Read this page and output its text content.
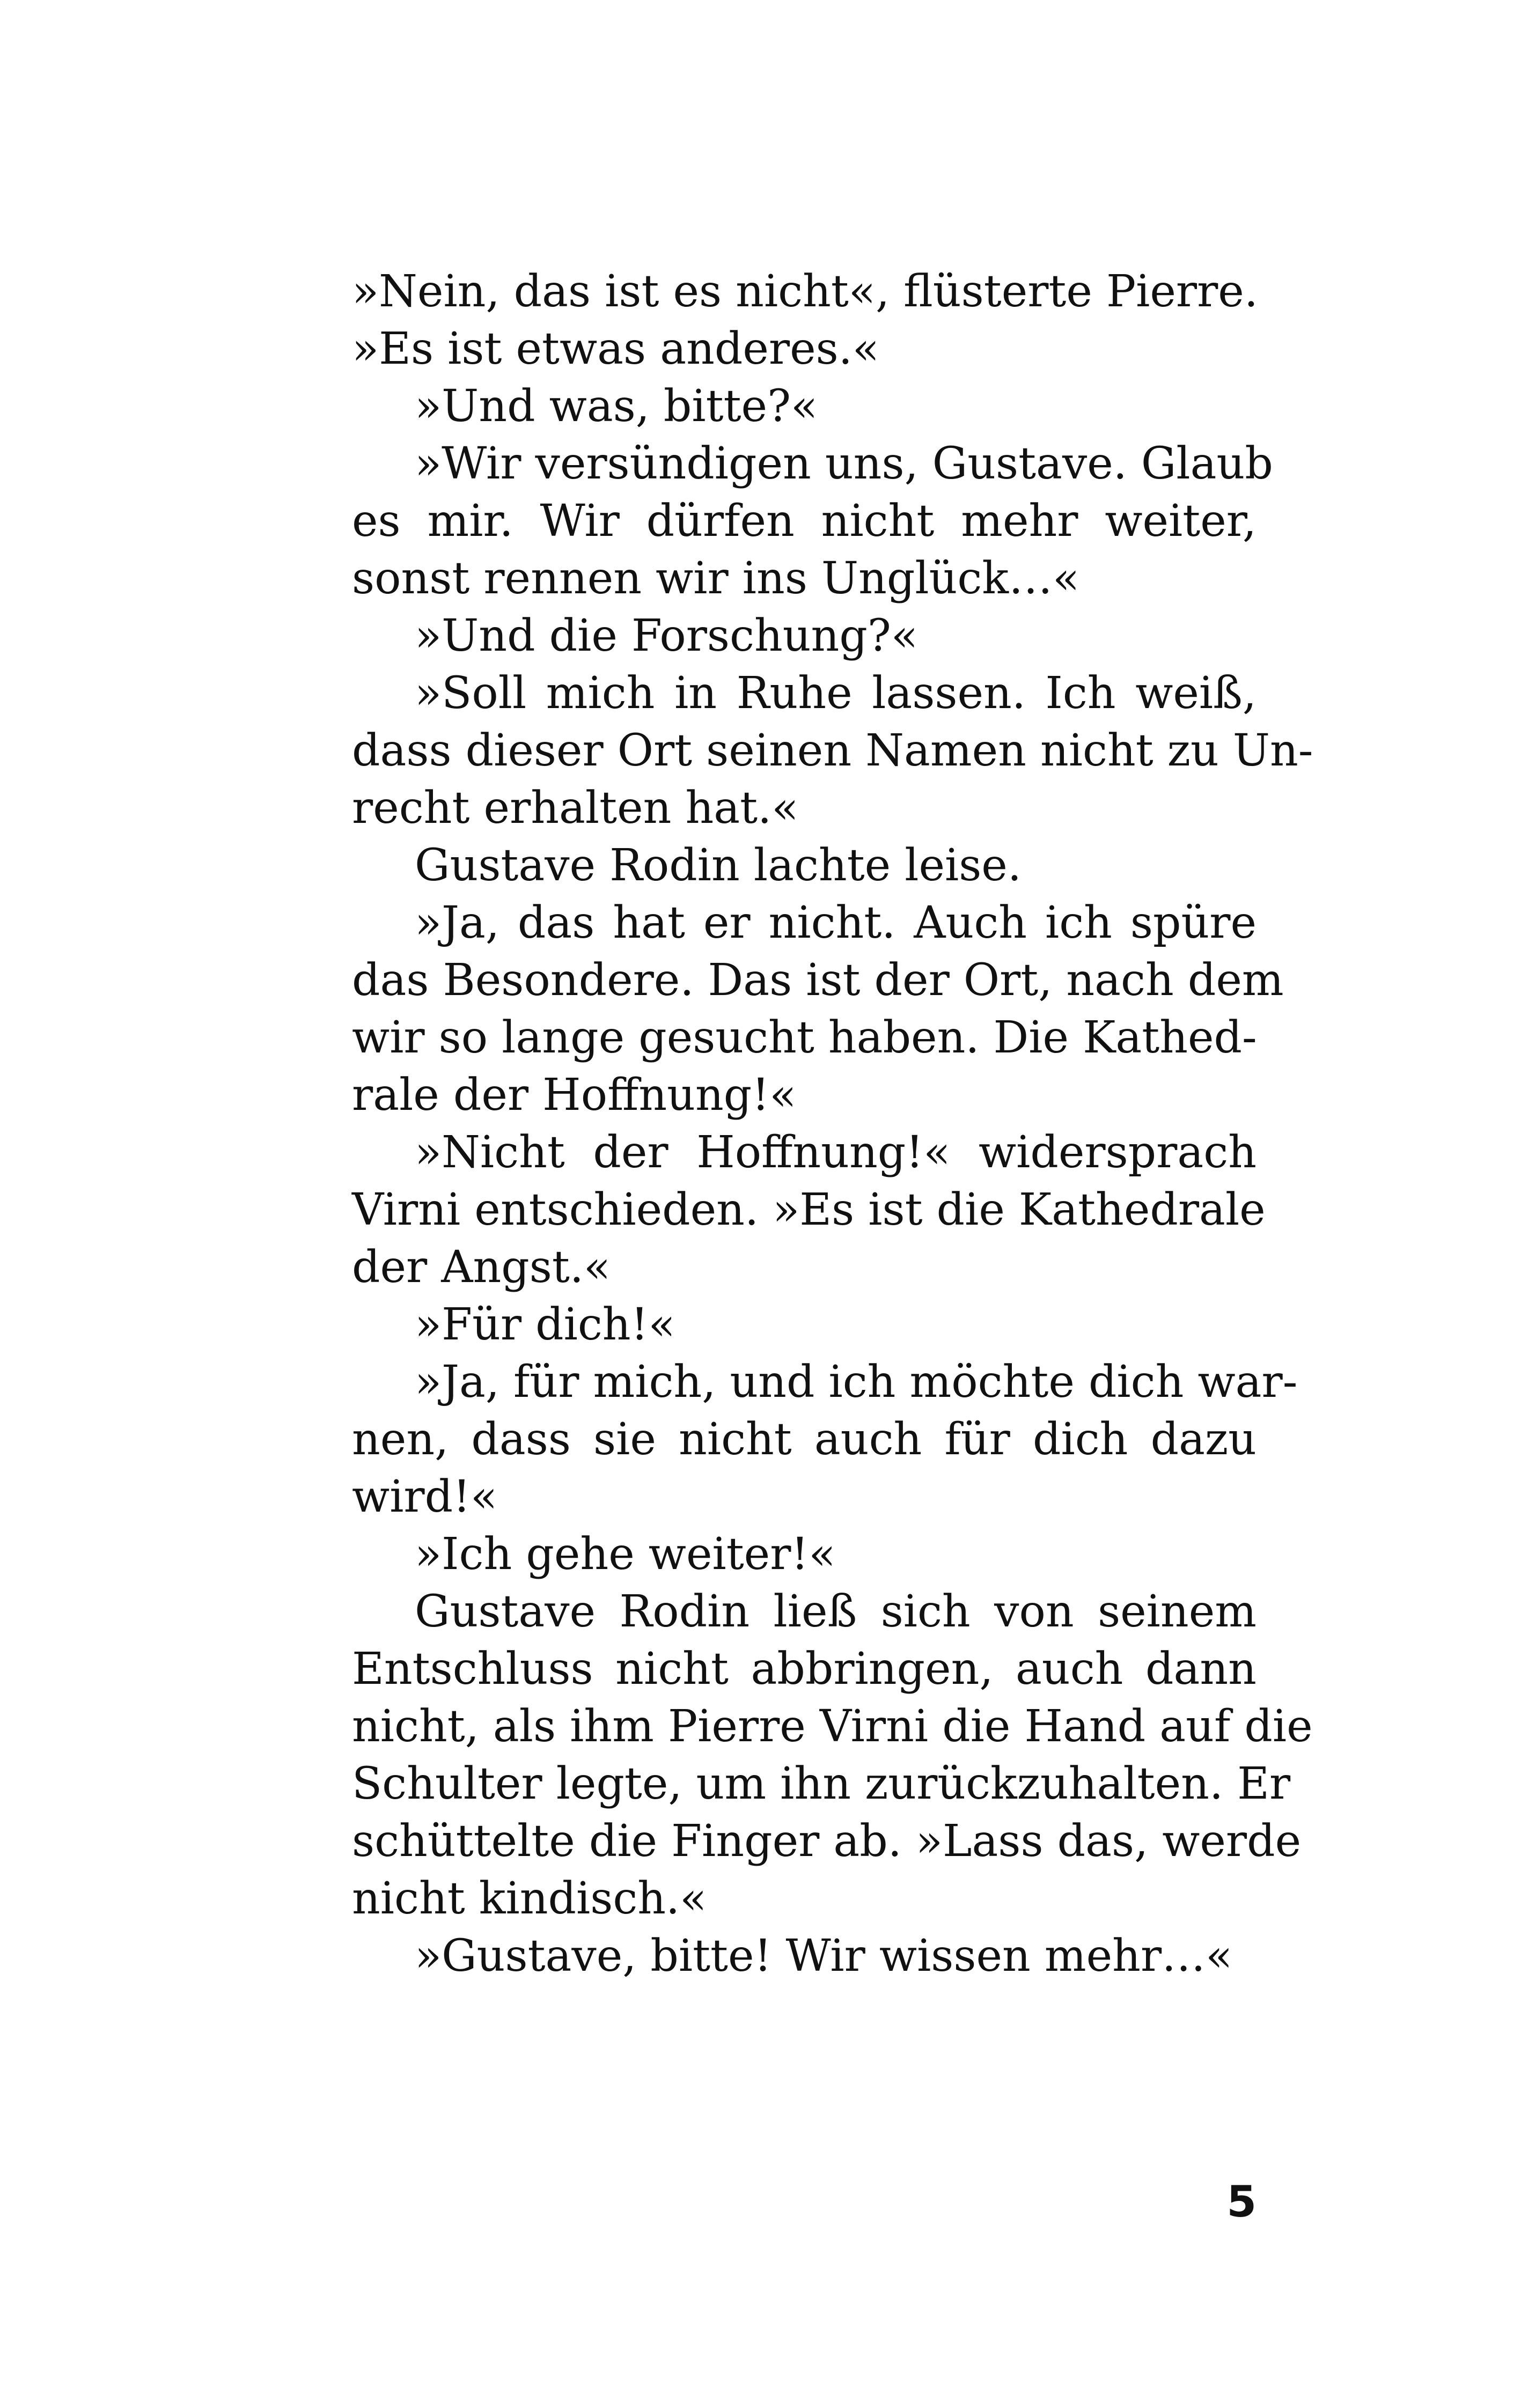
»Nein, das ist es nicht«, flüsterte Pierre.
»Es ist etwas anderes.«
»Und was, bitte?«
»Wir versündigen uns, Gustave. Glaub
es mir. Wir dürfen nicht mehr weiter,
sonst rennen wir ins Unglück…«
»Und die Forschung?«
»Soll mich in Ruhe lassen. Ich weiß,
dass dieser Ort seinen Namen nicht zu Un-
recht erhalten hat.«
Gustave Rodin lachte leise.
»Ja, das hat er nicht. Auch ich spüre
das Besondere. Das ist der Ort, nach dem
wir so lange gesucht haben. Die Kathed-
rale der Hoffnung!«
»Nicht der Hoffnung!« widersprach
Virni entschieden. »Es ist die Kathedrale
der Angst.«
»Für dich!«
»Ja, für mich, und ich möchte dich war-
nen, dass sie nicht auch für dich dazu
wird!«
»Ich gehe weiter!«
Gustave Rodin ließ sich von seinem
Entschluss nicht abbringen, auch dann
nicht, als ihm Pierre Virni die Hand auf die
Schulter legte, um ihn zurückzuhalten. Er
schüttelte die Finger ab. »Lass das, werde
nicht kindisch.«
»Gustave, bitte! Wir wissen mehr…«
5
